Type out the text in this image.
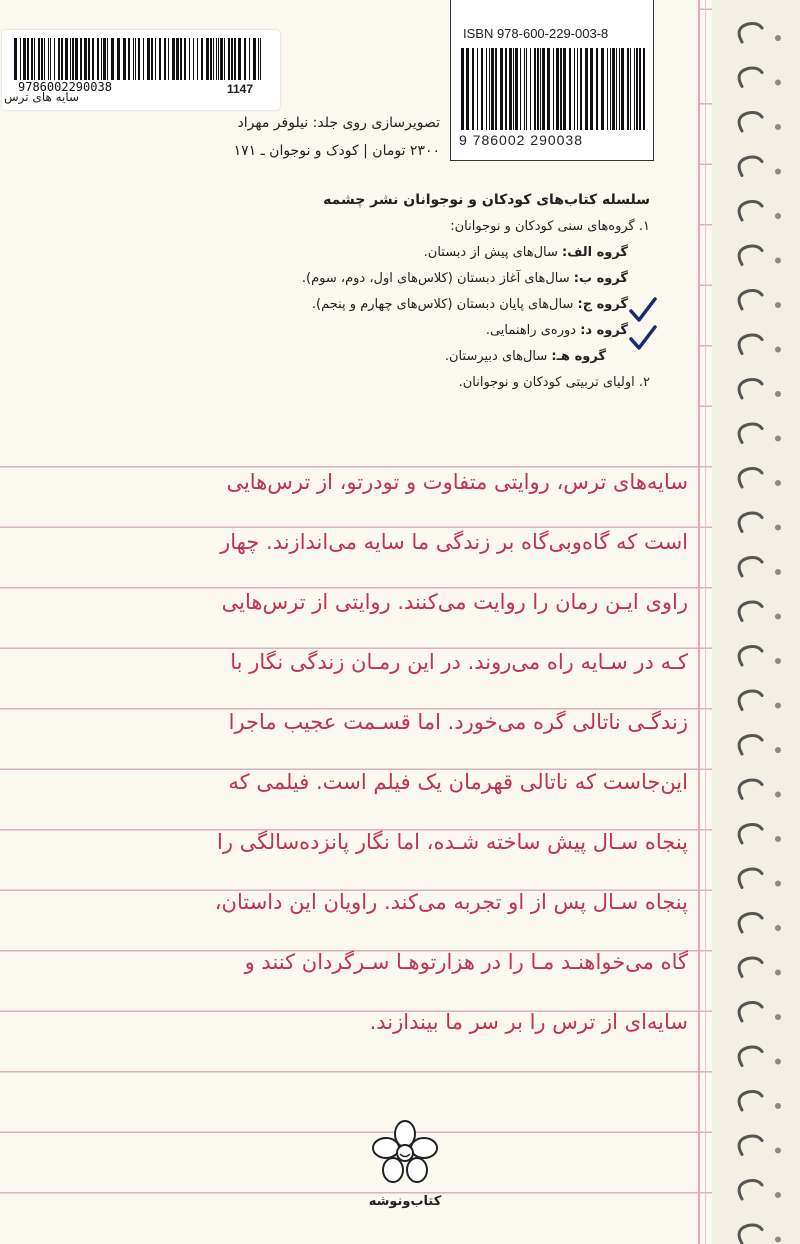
9786002290038	1147
سایه های ترس
ISBN 978-600-229-003-8
9 786002 290038
تصویرسازی روی جلد: نیلوفر مهراد
۲۳۰۰ تومان | کودک و نوجوان ـ ۱۷۱
سلسله کتاب‌های کودکان و نوجوانان نشر چشمه
۱. گروه‌های سنی کودکان و نوجوانان:
گروه الف: سال‌های پیش از دبستان.
گروه ب: سال‌های آغاز دبستان (کلاس‌های اول، دوم، سوم).
گروه ج: سال‌های پایان دبستان (کلاس‌های چهارم و پنجم).
گروه د: دوره‌ی راهنمایی.
گروه هـ: سال‌های دبیرستان.
۲. اولیای تربیتی کودکان و نوجوانان.
سایه‌های ترس، روایتی متفاوت و تودرتو، از ترس‌هایی
است که گاه‌وبی‌گاه بر زندگی ما سایه می‌اندازند. چهار
راوی ایـن رمان را روایت می‌کنند. روایتی از ترس‌هایی
کـه در سـایه راه می‌روند. در این رمـان زندگی نگار با
زندگـی ناتالی گره می‌خورد. اما قسـمت عجیب ماجرا
این‌جاست که ناتالی قهرمان یک فیلم است. فیلمی که
پنجاه سـال پیش ساخته شـده، اما نگار پانزده‌سالگی را
پنجاه سـال پس از او تجربه می‌کند. راویان این داستان،
گاه می‌خواهنـد مـا را در هزارتوهـا سـرگردان کنند و
سایه‌ای از ترس را بر سر ما بیندازند.
کتاب‌ونوشه
